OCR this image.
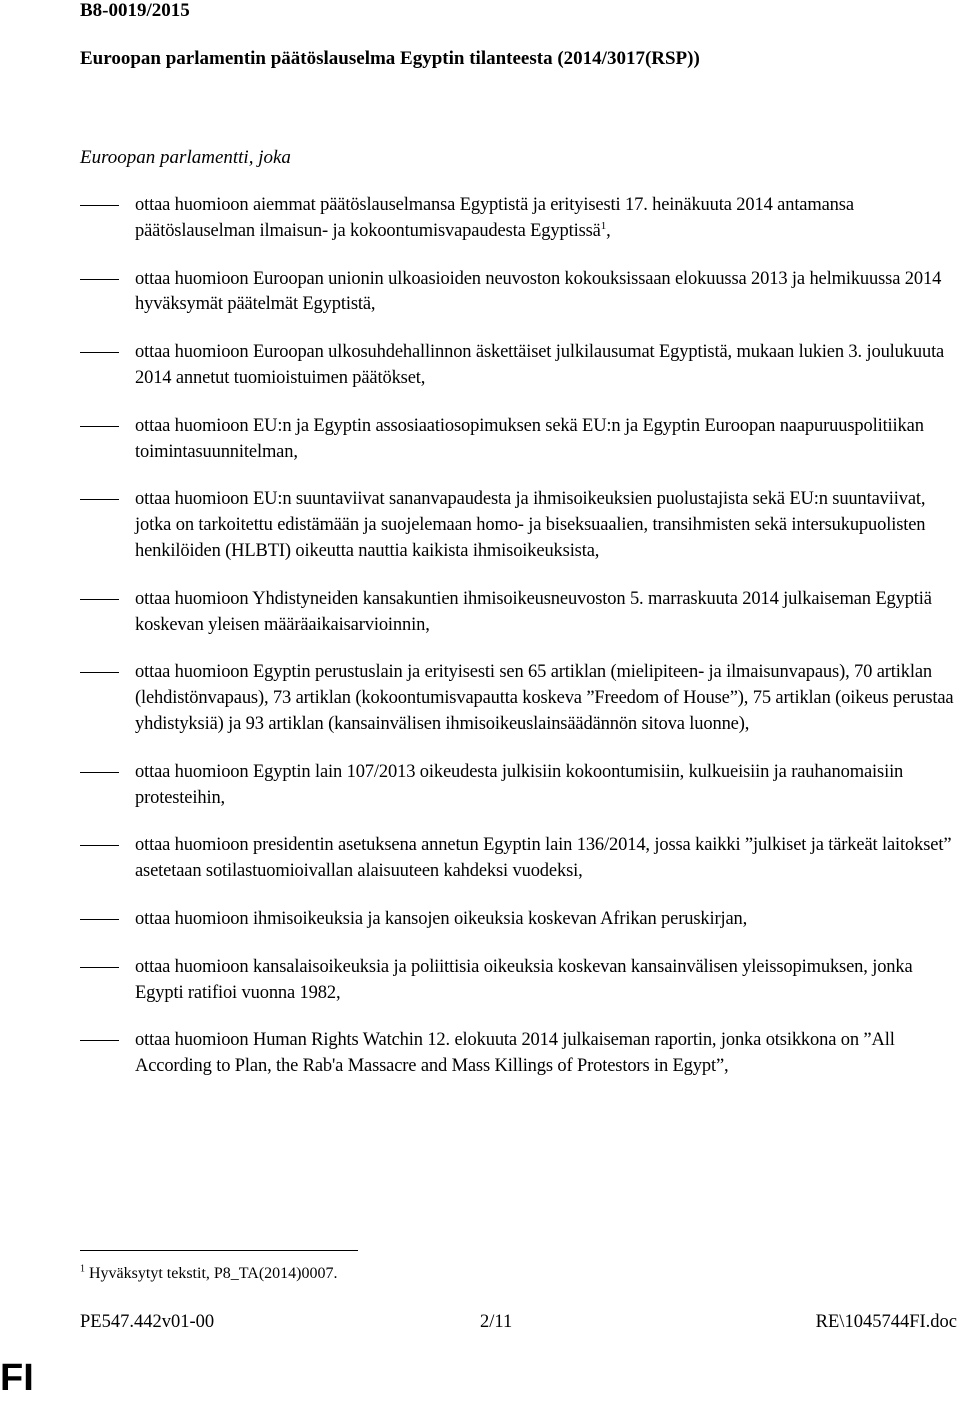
B8-0019/2015
Euroopan parlamentin päätöslauselma Egyptin tilanteesta (2014/3017(RSP))
Euroopan parlamentti, joka
ottaa huomioon aiemmat päätöslauselmansa Egyptistä ja erityisesti 17. heinäkuuta 2014 antamansa päätöslauselman ilmaisun- ja kokoontumisvapaudesta Egyptissä$^1$,
ottaa huomioon Euroopan unionin ulkoasioiden neuvoston kokouksissaan elokuussa 2013 ja helmikuussa 2014 hyväksymät päätelmät Egyptistä,
ottaa huomioon Euroopan ulkosuhdehallinnon äskettäiset julkilausumat Egyptistä, mukaan lukien 3. joulukuuta 2014 annetut tuomioistuimen päätökset,
ottaa huomioon EU:n ja Egyptin assosiaatiosopimuksen sekä EU:n ja Egyptin Euroopan naapuruuspolitiikan toimintasuunnitelman,
ottaa huomioon EU:n suuntaviivat sananvapaudesta ja ihmisoikeuksien puolustajista sekä EU:n suuntaviivat, jotka on tarkoitettu edistämään ja suojelemaan homo- ja biseksuaalien, transihmisten sekä intersukupuolisten henkilöiden (HLBTI) oikeutta nauttia kaikista ihmisoikeuksista,
ottaa huomioon Yhdistyneiden kansakuntien ihmisoikeusneuvoston 5. marraskuuta 2014 julkaiseman Egyptiä koskevan yleisen määräaikaisarvioinnin,
ottaa huomioon Egyptin perustuslain ja erityisesti sen 65 artiklan (mielipiteen- ja ilmaisunvapaus), 70 artiklan (lehdistönvapaus), 73 artiklan (kokoontumisvapautta koskeva ”Freedom of House”), 75 artiklan (oikeus perustaa yhdistyksiä) ja 93 artiklan (kansainvälisen ihmisoikeuslainsäädännön sitova luonne),
ottaa huomioon Egyptin lain 107/2013 oikeudesta julkisiin kokoontumisiin, kulkueisiin ja rauhanomaisiin protesteihin,
ottaa huomioon presidentin asetuksena annetun Egyptin lain 136/2014, jossa kaikki ”julkiset ja tärkeät laitokset” asetetaan sotilastuomioivallan alaisuuteen kahdeksi vuodeksi,
ottaa huomioon ihmisoikeuksia ja kansojen oikeuksia koskevan Afrikan peruskirjan,
ottaa huomioon kansalaisoikeuksia ja poliittisia oikeuksia koskevan kansainvälisen yleissopimuksen, jonka Egypti ratifioi vuonna 1982,
ottaa huomioon Human Rights Watchin 12. elokuuta 2014 julkaiseman raportin, jonka otsikkona on ”All According to Plan, the Rab'a Massacre and Mass Killings of Protestors in Egypt”,
$^1$ Hyväksytyt tekstit, P8_TA(2014)0007.
PE547.442v01-00	2/11	RE\1045744FI.doc
FI
